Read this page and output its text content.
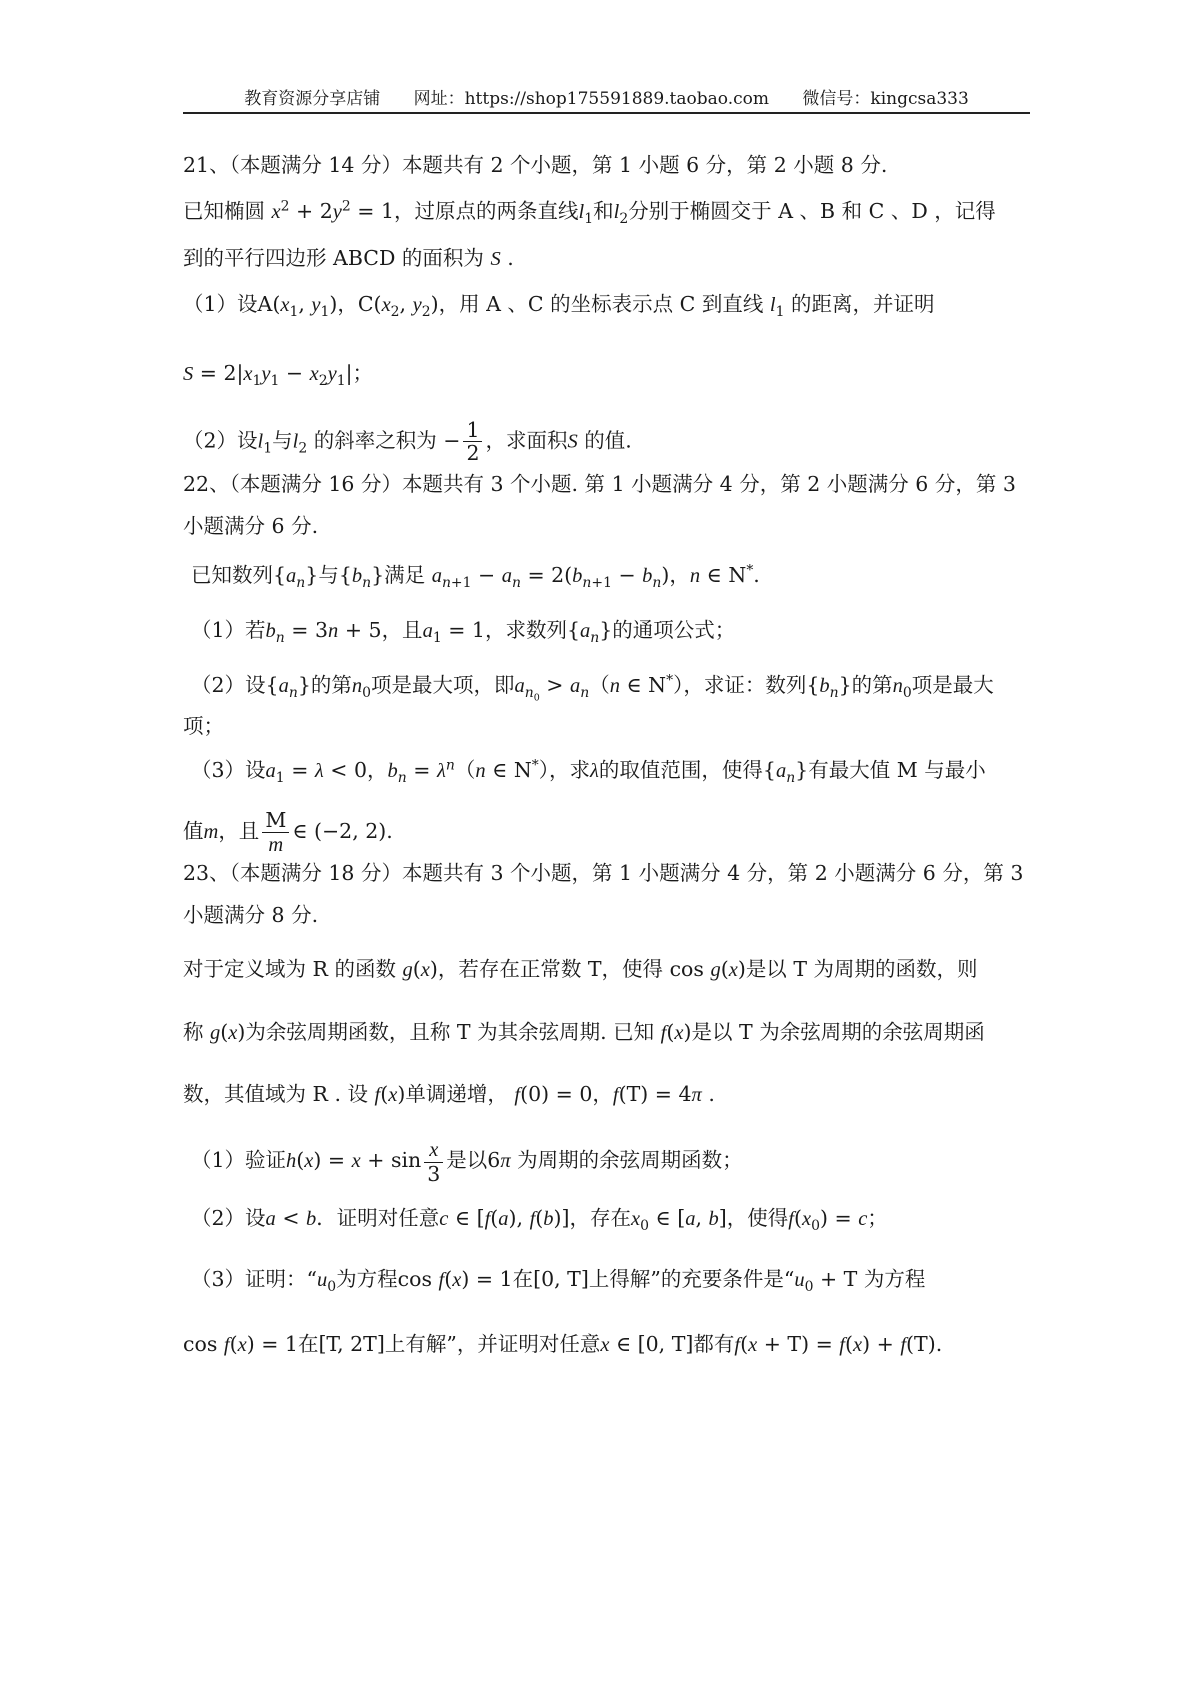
教育资源分享店铺 网址：https://shop175591889.taobao.com 微信号：kingcsa333
21、（本题满分 14 分）本题共有 2 个小题，第 1 小题 6 分，第 2 小题 8 分.
已知椭圆 $x^2 + 2y^2 = 1$，过原点的两条直线$l_1$和$l_2$分别于椭圆交于 A 、B 和 C 、D ，记得
到的平行四边形 ABCD 的面积为 S .
（1）设$A(x_1$, $y_1$)，$C(x_2$, $y_2$)，用 A 、C 的坐标表示点 C 到直线 $l_1$ 的距离，并证明
$S = 2|x_1y_1 - x_2y_1|$；
（2）设$l_1$与$l_2$ 的斜率之积为 − $\frac{1}{2}$ ，求面积S 的值.
22、（本题满分 16 分）本题共有 3 个小题. 第 1 小题满分 4 分，第 2 小题满分 6 分，第 3
小题满分 6 分.
已知数列$\{a_n\}$与$\{b_n\}$满足 $a_{n+1} - a_n = 2(b_{n+1} - b_n)$，n ∈ N*.
（1）若$b_n = 3n + 5$，且$a_1 = 1$，求数列$\{a_n\}$的通项公式；
（2）设$\{a_n\}$的第$n_0$项是最大项，即$a_{n_0} > a_n(n$ ∈ N*），求证：数列$\{b_n\}$的第$n_0$项是最大
项；
（3）设$a_1 = \lambda < 0$，$b_n = \lambda^n(n$ ∈ N*），求λ的取值范围，使得$\{a_n\}$有最大值 M 与最小
值m，且 $\frac{M}{m}$ ∈ (−2, 2).
23、（本题满分 18 分）本题共有 3 个小题，第 1 小题满分 4 分，第 2 小题满分 6 分，第 3
小题满分 8 分.
对于定义域为 R 的函数 g(x)，若存在正常数 T，使得 cos g(x)是以 T 为周期的函数，则
称 g(x)为余弦周期函数，且称 T 为其余弦周期. 已知 f(x)是以 T 为余弦周期的余弦周期函
数，其值域为 R . 设 f(x)单调递增， f(0) = 0，f(T) = 4π .
（1）验证$h(x) = x + \sin \frac{x}{3}$ 是以6π 为周期的余弦周期函数；
（2）设a < b．证明对任意c ∈ [f(a), f(b)]，存在$x_0$ ∈ [a, b]，使得$f(x_0) = c$；
（3）证明：“$u_0$为方程cos f(x) = 1在[0, T]上得解”的充要条件是“$u_0 + T$ 为方程
cos f(x) = 1在[T, 2T]上有解”，并证明对任意x ∈ [0, T]都有f(x + T) = f(x) + f(T).
